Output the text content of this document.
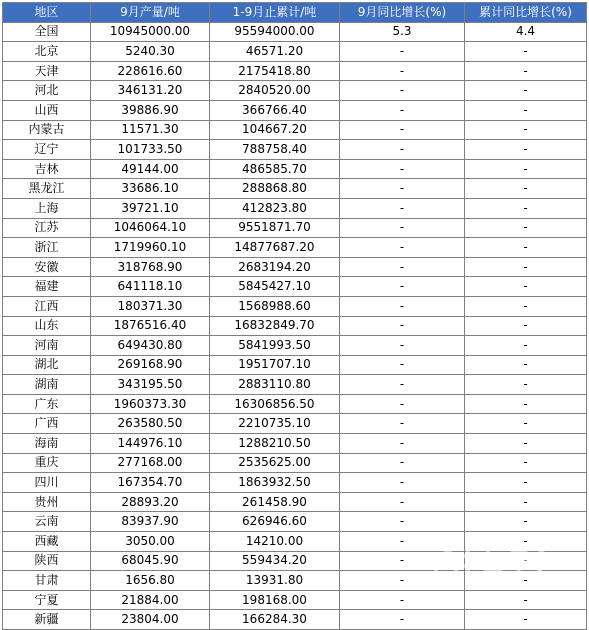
地区	9月产量/吨	1-9月止累计/吨	9月同比增长(%)	累计同比增长(%)
全国	10945000.00	95594000.00	5.3	4.4
北京	5240.30	46571.20	-	-
天津	228616.60	2175418.80	-	-
河北	346131.20	2840520.00	-	-
山西	39886.90	366766.40	-	-
内蒙古	11571.30	104667.20	-	-
辽宁	101733.50	788758.40	-	-
吉林	49144.00	486585.70	-	-
黑龙江	33686.10	288868.80	-	-
上海	39721.10	412823.80	-	-
江苏	1046064.10	9551871.70	-	-
浙江	1719960.10	14877687.20	-	-
安徽	318768.90	2683194.20	-	-
福建	641118.10	5845427.10	-	-
江西	180371.30	1568988.60	-	-
山东	1876516.40	16832849.70	-	-
河南	649430.80	5841993.50	-	-
湖北	269168.90	1951707.10	-	-
湖南	343195.50	2883110.80	-	-
广东	1960373.30	16306856.50	-	-
广西	263580.50	2210735.10	-	-
海南	144976.10	1288210.50	-	-
重庆	277168.00	2535625.00	-	-
四川	167354.70	1863932.50	-	-
贵州	28893.20	261458.90	-	-
云南	83937.90	626946.60	-	-
西藏	3050.00	14210.00	-	-
陕西	68045.90	559434.20	-	-
甘肃	1656.80	13931.80	-	-
宁夏	21884.00	198168.00	-	-
新疆	23804.00	166284.30	-	-
